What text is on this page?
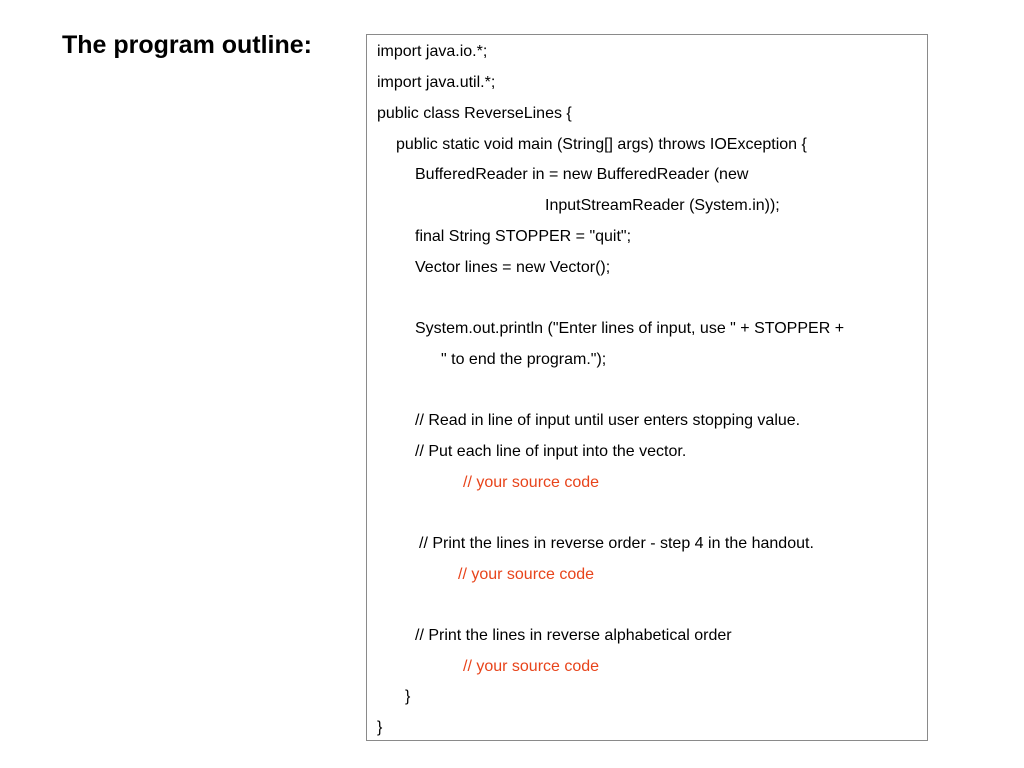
The program outline:	import java.io.*;
import java.util.*;
public class ReverseLines {
public static void main (String[] args) throws IOException {
BufferedReader in = new BufferedReader (new
InputStreamReader (System.in));
final String STOPPER = "quit";
Vector lines = new Vector();
System.out.println ("Enter lines of input, use " + STOPPER +
" to end the program.");
// Read in line of input until user enters stopping value.
// Put each line of input into the vector.
// your source code
// Print the lines in reverse order - step 4 in the handout.
// your source code
// Print the lines in reverse alphabetical order
// your source code
}
}
